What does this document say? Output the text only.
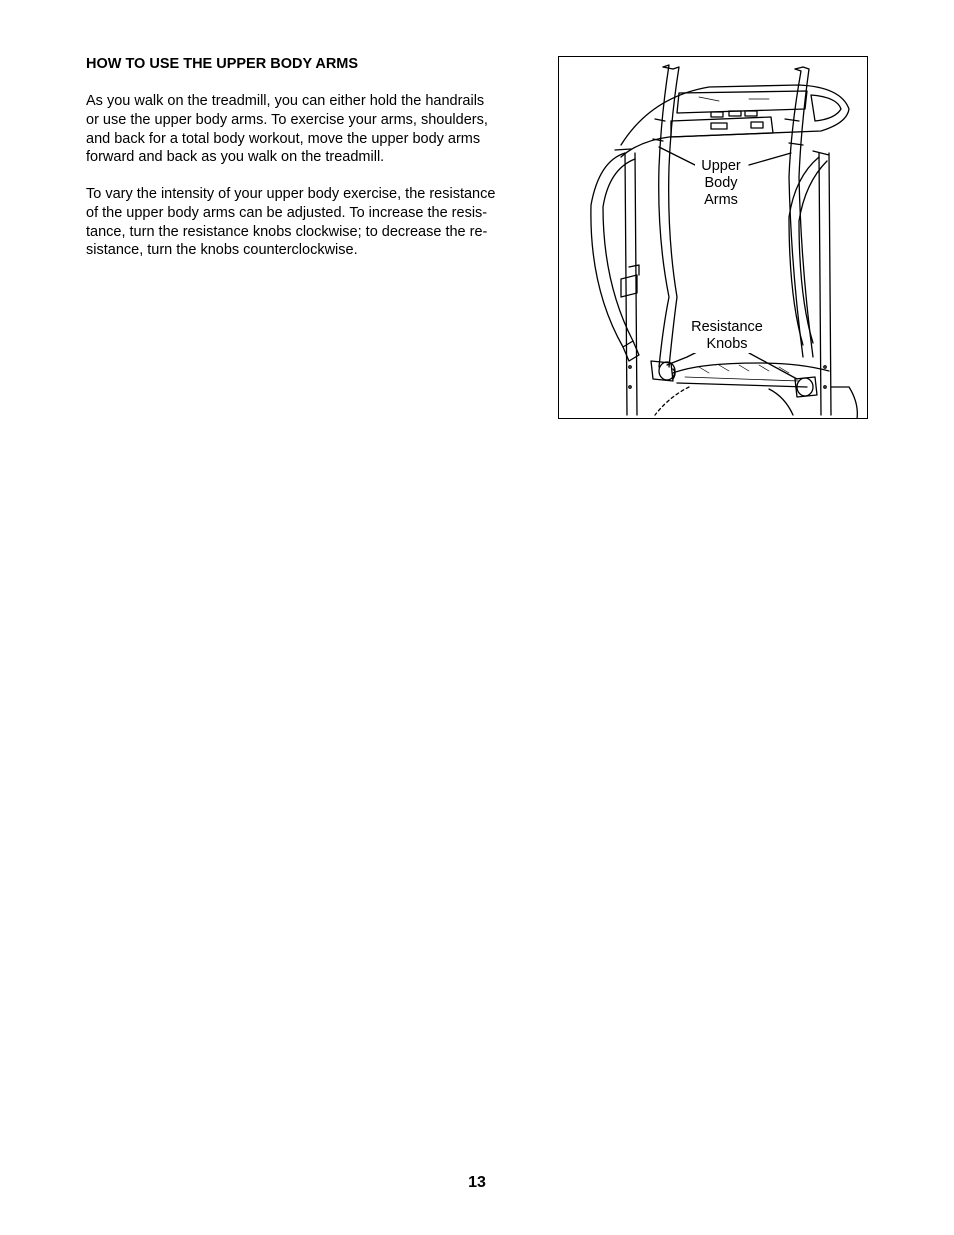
HOW TO USE THE UPPER BODY ARMS

As you walk on the treadmill, you can either hold the handrails
or use the upper body arms. To exercise your arms, shoulders,
and back for a total body workout, move the upper body arms
forward and back as you walk on the treadmill.

To vary the intensity of your upper body exercise, the resistance
of the upper body arms can be adjusted. To increase the resis-
tance, turn the resistance knobs clockwise; to decrease the re-
sistance, turn the knobs counterclockwise.

Upper
Body
Arms
Resistance
Knobs
13
